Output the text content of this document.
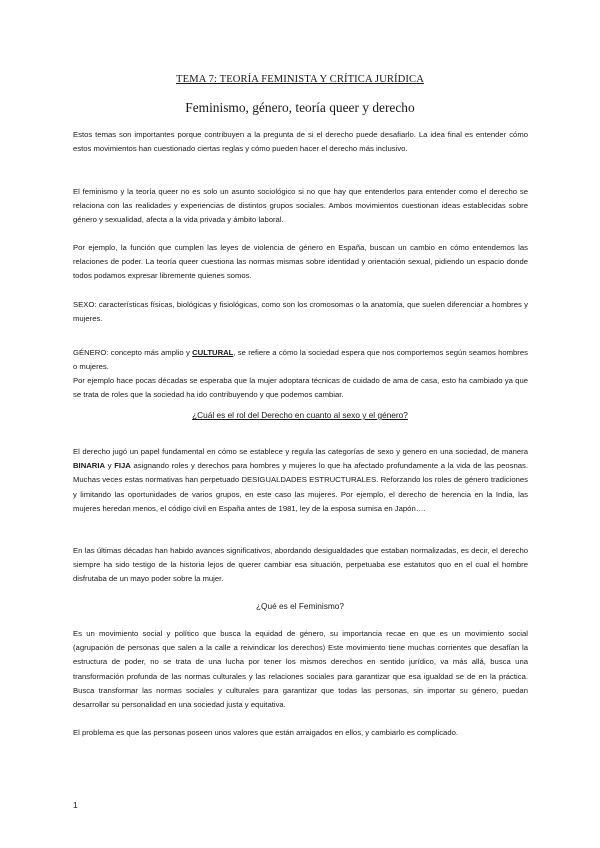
TEMA 7: TEORÍA FEMINISTA Y CRÍTICA JURÍDICA
Feminismo, género, teoría queer y derecho

Estos temas son importantes porque contribuyen a la pregunta de si el derecho puede desafiarlo. La idea final es entender cómo estos movimientos han cuestionado ciertas reglas y cómo pueden hacer el derecho más inclusivo.

El feminismo y la teoría queer no es solo un asunto sociológico si no que hay que entenderlos para entender como el derecho se relaciona con las realidades y experiencias de distintos grupos sociales. Ambos movimientos cuestionan ideas establecidas sobre género y sexualidad, afecta a la vida privada y ámbito laboral.

Por ejemplo, la función que cumplen las leyes de violencia de género en España, buscan un cambio en cómo entendemos las relaciones de poder. La teoría queer cuestiona las normas mismas sobre identidad y orientación sexual, pidiendo un espacio donde todos podamos expresar libremente quienes somos.

SEXO: características físicas, biológicas y fisiológicas, como son los cromosomas o la anatomía, que suelen diferenciar a hombres y mujeres.

GÉNERO: concepto más amplio y CULTURAL, se refiere a cómo la sociedad espera que nos comportemos según seamos hombres o mujeres.

Por ejemplo hace pocas décadas se esperaba que la mujer adoptara técnicas de cuidado de ama de casa, esto ha cambiado ya que se trata de roles que la sociedad ha ido contribuyendo y que podemos cambiar.

¿Cuál es el rol del Derecho en cuanto al sexo y el género?

El derecho jugó un papel fundamental en cómo se establece y regula las categorías de sexo y genero en una sociedad, de manera BINARIA y FIJA asignando roles y derechos para hombres y mujeres lo que ha afectado profundamente a la vida de las peosnas. Muchas veces estas normativas han perpetuado DESIGUALDADES ESTRUCTURALES. Reforzando los roles de género tradiciones y limitando las oportunidades de varios grupos, en este caso las mujeres. Por ejemplo, el derecho de herencia en la India, las mujeres heredan menos, el código civil en España antes de 1981, ley de la esposa sumisa en Japón….

En las últimas décadas han habido avances significativos, abordando desigualdades que estaban normalizadas, es decir, el derecho siempre ha sido testigo de la historia lejos de querer cambiar esa situación, perpetuaba ese estatutos quo en el cual el hombre disfrutaba de un mayo poder sobre la mujer.

¿Qué es el Feminismo?

Es un movimiento social y político que busca la equidad de género, su importancia recae en que es un movimiento social (agrupación de personas que salen a la calle a reivindicar los derechos) Este movimiento tiene muchas corrientes que desafían la estructura de poder, no se trata de una lucha por tener los mismos derechos en sentido jurídico, va más allá, busca una transformación profunda de las normas culturales y las relaciones sociales para garantizar que esa igualdad se de en la práctica. Busca transformar las normas sociales y culturales para garantizar que todas las personas, sin importar su género, puedan desarrollar su personalidad en una sociedad justa y equitativa.

El problema es que las personas poseen unos valores que están arraigados en ellos, y cambiarlo es complicado.

1
